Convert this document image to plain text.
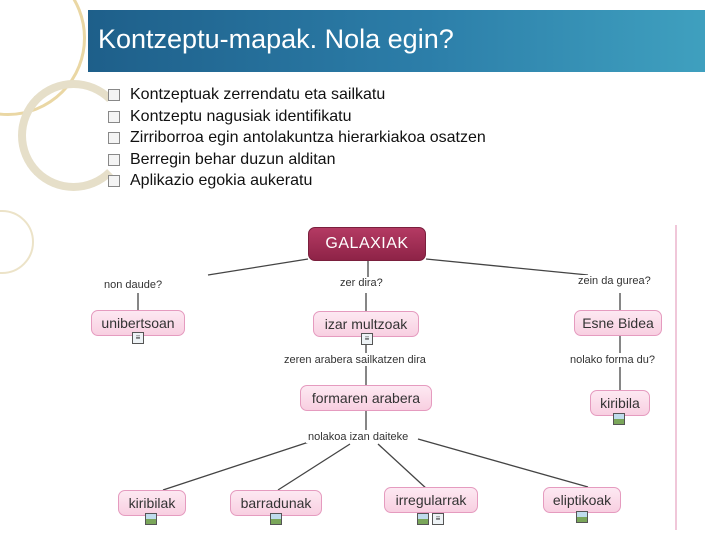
Kontzeptu-mapak. Nola egin?
Kontzeptuak zerrendatu eta sailkatu
Kontzeptu nagusiak identifikatu
Zirriborroa egin antolakuntza hierarkiakoa osatzen
Berregin behar duzun alditan
Aplikazio egokia aukeratu
GALAXIAK
non daude?	zer dira?	zein da gurea?
unibertsoan	izar multzoak	Esne Bidea
≡	≡
zeren arabera sailkatzen dira	nolako forma du?
formaren arabera	kiribila
nolakoa izan daiteke
kiribilak	barradunak	irregularrak	eliptikoak
≡
